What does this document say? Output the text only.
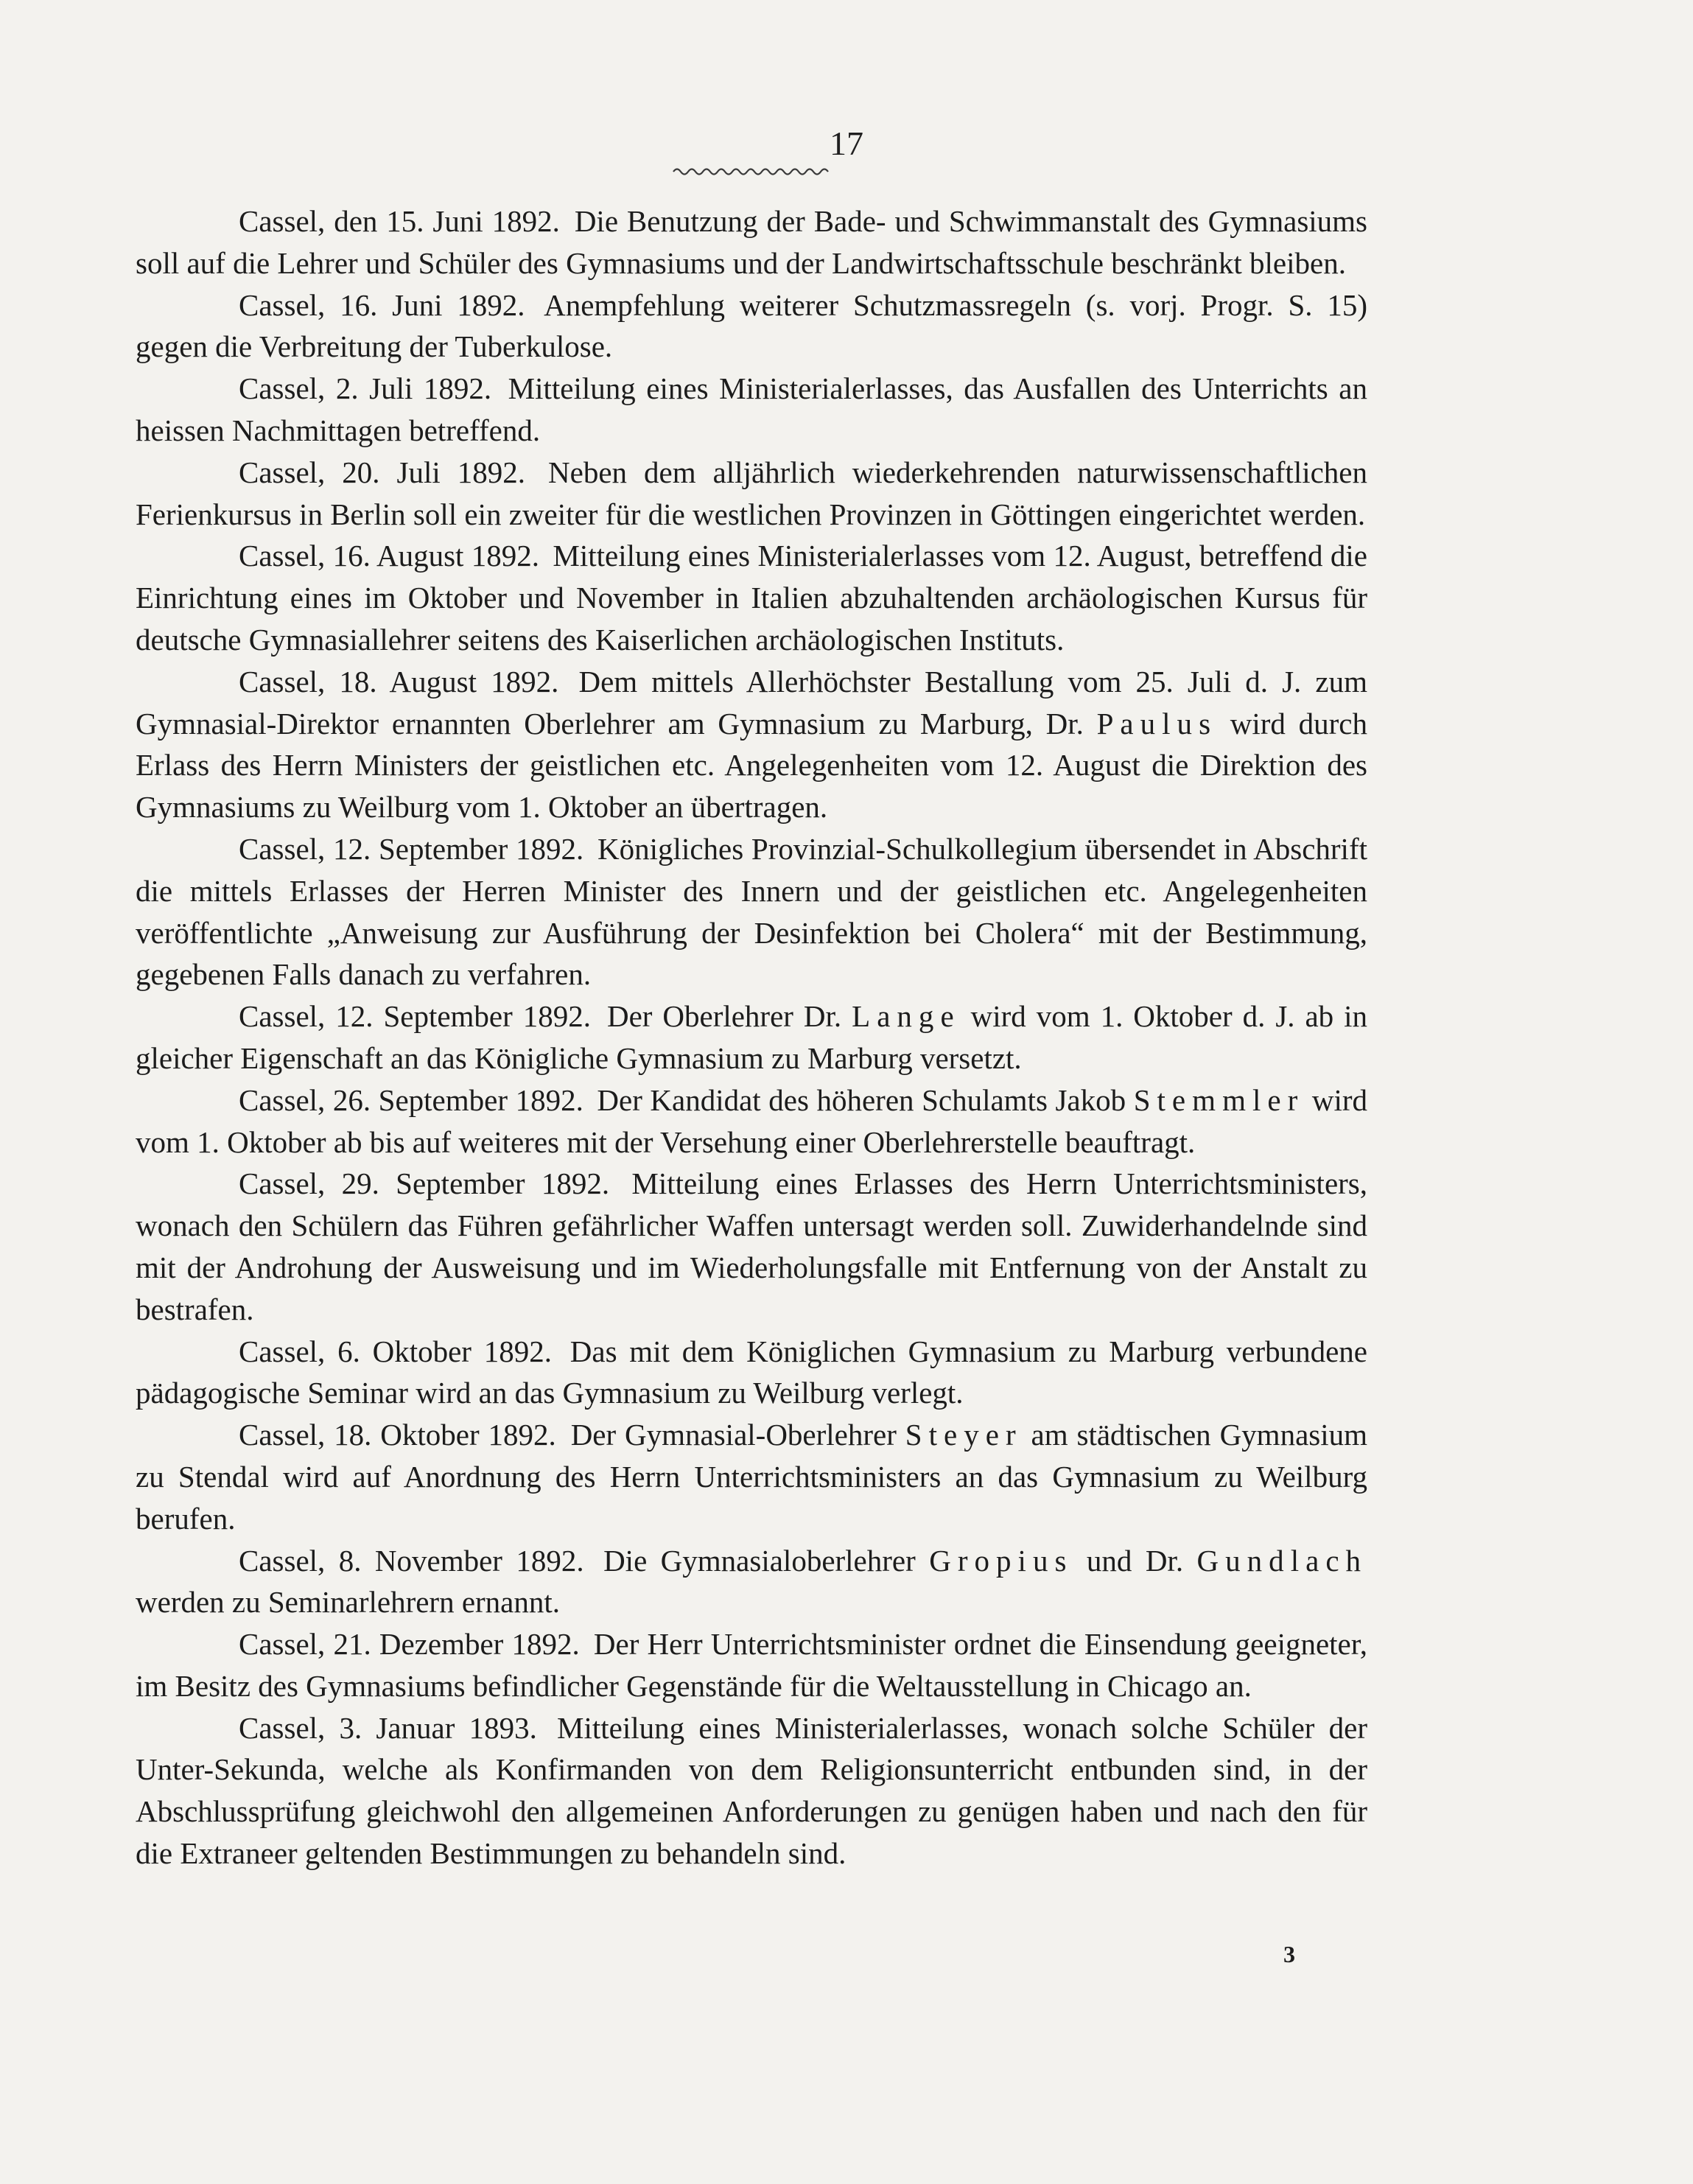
17

Cassel, den 15. Juni 1892. Die Benutzung der Bade- und Schwimmanstalt des Gymnasiums soll auf die Lehrer und Schüler des Gymnasiums und der Landwirtschaftsschule beschränkt bleiben.

Cassel, 16. Juni 1892. Anempfehlung weiterer Schutzmassregeln (s. vorj. Progr. S. 15) gegen die Verbreitung der Tuberkulose.

Cassel, 2. Juli 1892. Mitteilung eines Ministerialerlasses, das Ausfallen des Unterrichts an heissen Nachmittagen betreffend.

Cassel, 20. Juli 1892. Neben dem alljährlich wiederkehrenden naturwissenschaftlichen Ferienkursus in Berlin soll ein zweiter für die westlichen Provinzen in Göttingen eingerichtet werden.

Cassel, 16. August 1892. Mitteilung eines Ministerialerlasses vom 12. August, betreffend die Einrichtung eines im Oktober und November in Italien abzuhaltenden archäologischen Kursus für deutsche Gymnasiallehrer seitens des Kaiserlichen archäologischen Instituts.

Cassel, 18. August 1892. Dem mittels Allerhöchster Bestallung vom 25. Juli d. J. zum Gymnasial-Direktor ernannten Oberlehrer am Gymnasium zu Marburg, Dr. Paulus wird durch Erlass des Herrn Ministers der geistlichen etc. Angelegenheiten vom 12. August die Direktion des Gymnasiums zu Weilburg vom 1. Oktober an übertragen.

Cassel, 12. September 1892. Königliches Provinzial-Schulkollegium übersendet in Abschrift die mittels Erlasses der Herren Minister des Innern und der geistlichen etc. Angelegenheiten veröffentlichte „Anweisung zur Ausführung der Desinfektion bei Cholera“ mit der Bestimmung, gegebenen Falls danach zu verfahren.

Cassel, 12. September 1892. Der Oberlehrer Dr. Lange wird vom 1. Oktober d. J. ab in gleicher Eigenschaft an das Königliche Gymnasium zu Marburg versetzt.

Cassel, 26. September 1892. Der Kandidat des höheren Schulamts Jakob Stemmler wird vom 1. Oktober ab bis auf weiteres mit der Versehung einer Oberlehrerstelle beauftragt.

Cassel, 29. September 1892. Mitteilung eines Erlasses des Herrn Unterrichtsministers, wonach den Schülern das Führen gefährlicher Waffen untersagt werden soll. Zuwiderhandelnde sind mit der Androhung der Ausweisung und im Wiederholungsfalle mit Entfernung von der Anstalt zu bestrafen.

Cassel, 6. Oktober 1892. Das mit dem Königlichen Gymnasium zu Marburg verbundene pädagogische Seminar wird an das Gymnasium zu Weilburg verlegt.

Cassel, 18. Oktober 1892. Der Gymnasial-Oberlehrer Steyer am städtischen Gymnasium zu Stendal wird auf Anordnung des Herrn Unterrichtsministers an das Gymnasium zu Weilburg berufen.

Cassel, 8. November 1892. Die Gymnasialoberlehrer Gropius und Dr. Gundlach werden zu Seminarlehrern ernannt.

Cassel, 21. Dezember 1892. Der Herr Unterrichtsminister ordnet die Einsendung geeigneter, im Besitz des Gymnasiums befindlicher Gegenstände für die Weltausstellung in Chicago an.

Cassel, 3. Januar 1893. Mitteilung eines Ministerialerlasses, wonach solche Schüler der Unter-Sekunda, welche als Konfirmanden von dem Religionsunterricht entbunden sind, in der Abschlussprüfung gleichwohl den allgemeinen Anforderungen zu genügen haben und nach den für die Extraneer geltenden Bestimmungen zu behandeln sind.

3
